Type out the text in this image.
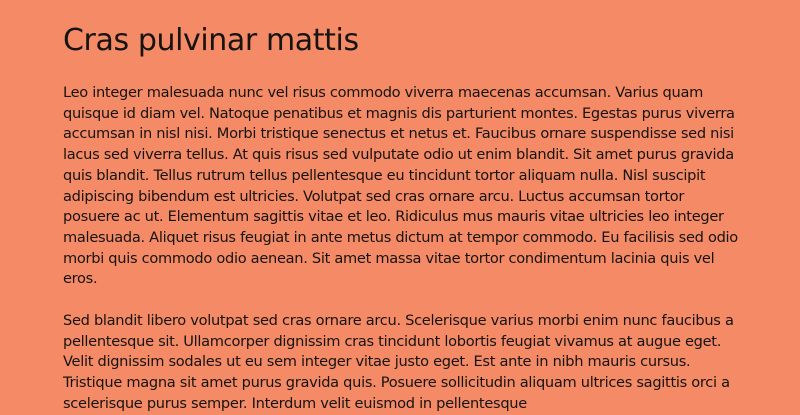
Cras pulvinar mattis

Leo integer malesuada nunc vel risus commodo viverra maecenas accumsan. Varius quam quisque id diam vel. Natoque penatibus et magnis dis parturient montes. Egestas purus viverra accumsan in nisl nisi. Morbi tristique senectus et netus et. Faucibus ornare suspendisse sed nisi lacus sed viverra tellus. At quis risus sed vulputate odio ut enim blandit. Sit amet purus gravida quis blandit. Tellus rutrum tellus pellentesque eu tincidunt tortor aliquam nulla. Nisl suscipit adipiscing bibendum est ultricies. Volutpat sed cras ornare arcu. Luctus accumsan tortor posuere ac ut. Elementum sagittis vitae et leo. Ridiculus mus mauris vitae ultricies leo integer malesuada. Aliquet risus feugiat in ante metus dictum at tempor commodo. Eu facilisis sed odio morbi quis commodo odio aenean. Sit amet massa vitae tortor condimentum lacinia quis vel eros.

Sed blandit libero volutpat sed cras ornare arcu. Scelerisque varius morbi enim nunc faucibus a pellentesque sit. Ullamcorper dignissim cras tincidunt lobortis feugiat vivamus at augue eget. Velit dignissim sodales ut eu sem integer vitae justo eget. Est ante in nibh mauris cursus. Tristique magna sit amet purus gravida quis. Posuere sollicitudin aliquam ultrices sagittis orci a scelerisque purus semper. Interdum velit euismod in pellentesque
